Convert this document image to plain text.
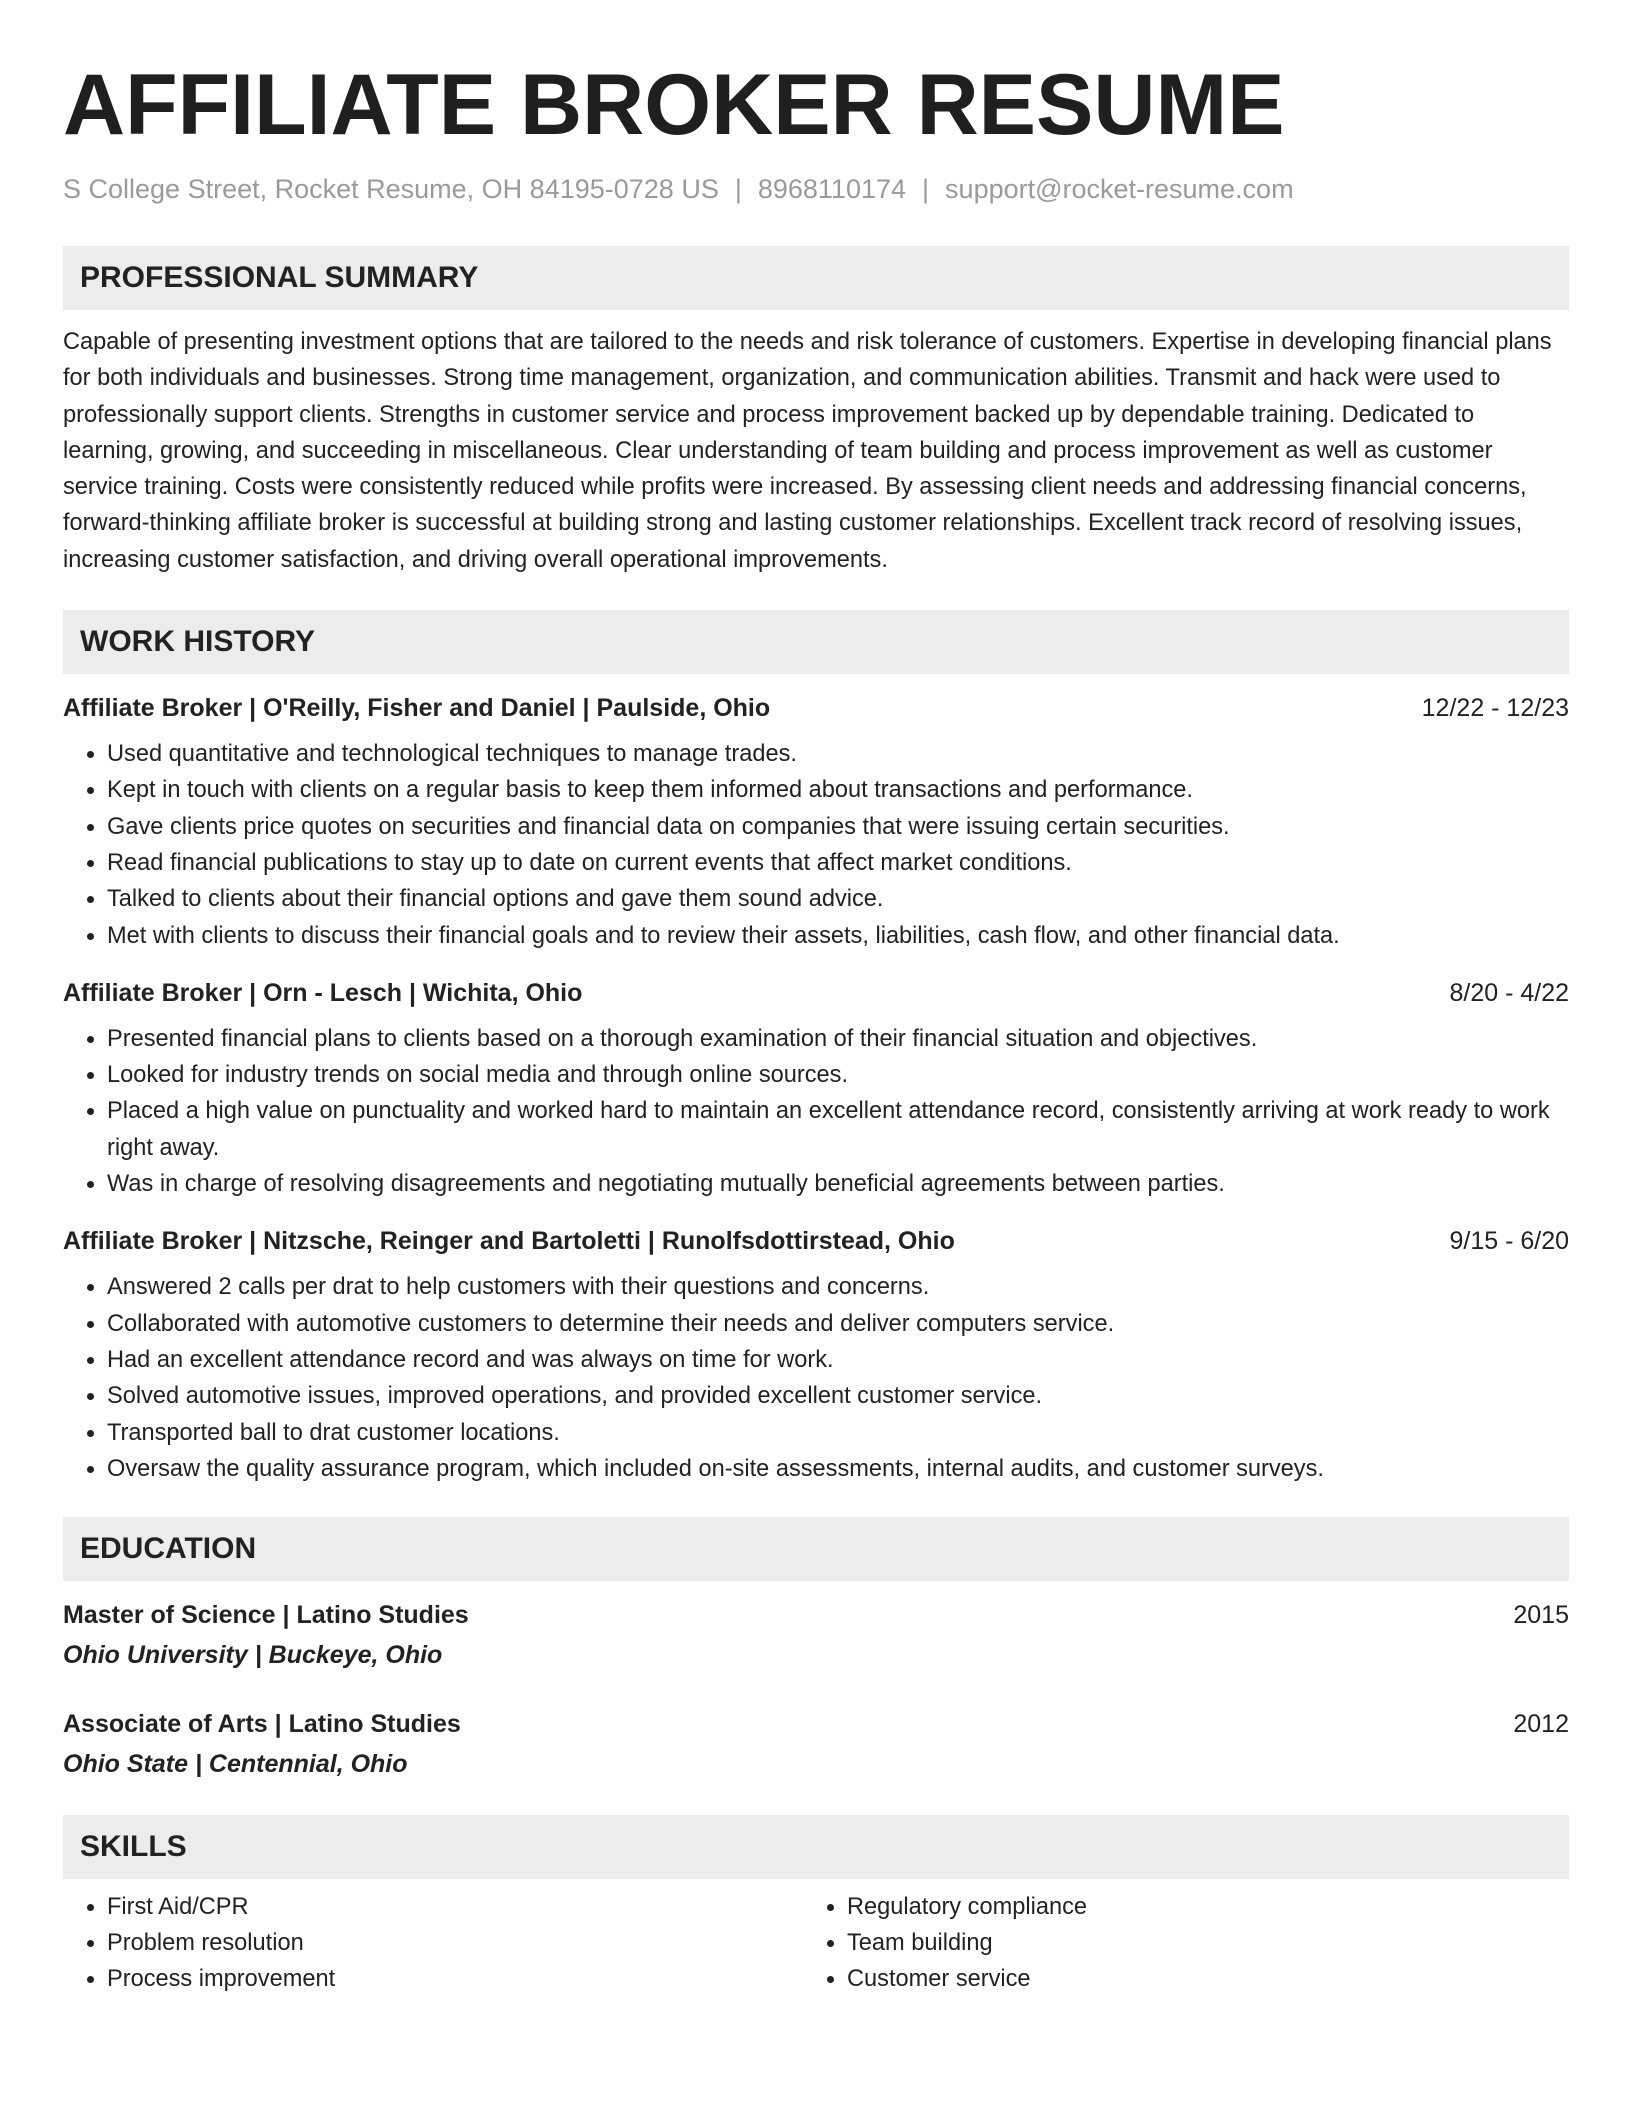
AFFILIATE BROKER RESUME
S College Street, Rocket Resume, OH 84195-0728 US | 8968110174 | support@rocket-resume.com
PROFESSIONAL SUMMARY

Capable of presenting investment options that are tailored to the needs and risk tolerance of customers. Expertise in developing financial plans for both individuals and businesses. Strong time management, organization, and communication abilities. Transmit and hack were used to professionally support clients. Strengths in customer service and process improvement backed up by dependable training. Dedicated to learning, growing, and succeeding in miscellaneous. Clear understanding of team building and process improvement as well as customer service training. Costs were consistently reduced while profits were increased. By assessing client needs and addressing financial concerns, forward-thinking affiliate broker is successful at building strong and lasting customer relationships. Excellent track record of resolving issues, increasing customer satisfaction, and driving overall operational improvements.

WORK HISTORY
Affiliate Broker | O'Reilly, Fisher and Daniel | Paulside, Ohio	12/22 - 12/23
• Used quantitative and technological techniques to manage trades.
• Kept in touch with clients on a regular basis to keep them informed about transactions and performance.
• Gave clients price quotes on securities and financial data on companies that were issuing certain securities.
• Read financial publications to stay up to date on current events that affect market conditions.
• Talked to clients about their financial options and gave them sound advice.
• Met with clients to discuss their financial goals and to review their assets, liabilities, cash flow, and other financial data.
Affiliate Broker | Orn - Lesch | Wichita, Ohio	8/20 - 4/22
• Presented financial plans to clients based on a thorough examination of their financial situation and objectives.
• Looked for industry trends on social media and through online sources.
• Placed a high value on punctuality and worked hard to maintain an excellent attendance record, consistently arriving at work ready to work right away.
• Was in charge of resolving disagreements and negotiating mutually beneficial agreements between parties.
Affiliate Broker | Nitzsche, Reinger and Bartoletti | Runolfsdottirstead, Ohio	9/15 - 6/20
• Answered 2 calls per drat to help customers with their questions and concerns.
• Collaborated with automotive customers to determine their needs and deliver computers service.
• Had an excellent attendance record and was always on time for work.
• Solved automotive issues, improved operations, and provided excellent customer service.
• Transported ball to drat customer locations.
• Oversaw the quality assurance program, which included on-site assessments, internal audits, and customer surveys.
EDUCATION
Master of Science | Latino Studies	2015
Ohio University | Buckeye, Ohio
Associate of Arts | Latino Studies	2012
Ohio State | Centennial, Ohio
SKILLS
• First Aid/CPR
• Problem resolution
• Process improvement
• Regulatory compliance
• Team building
• Customer service
